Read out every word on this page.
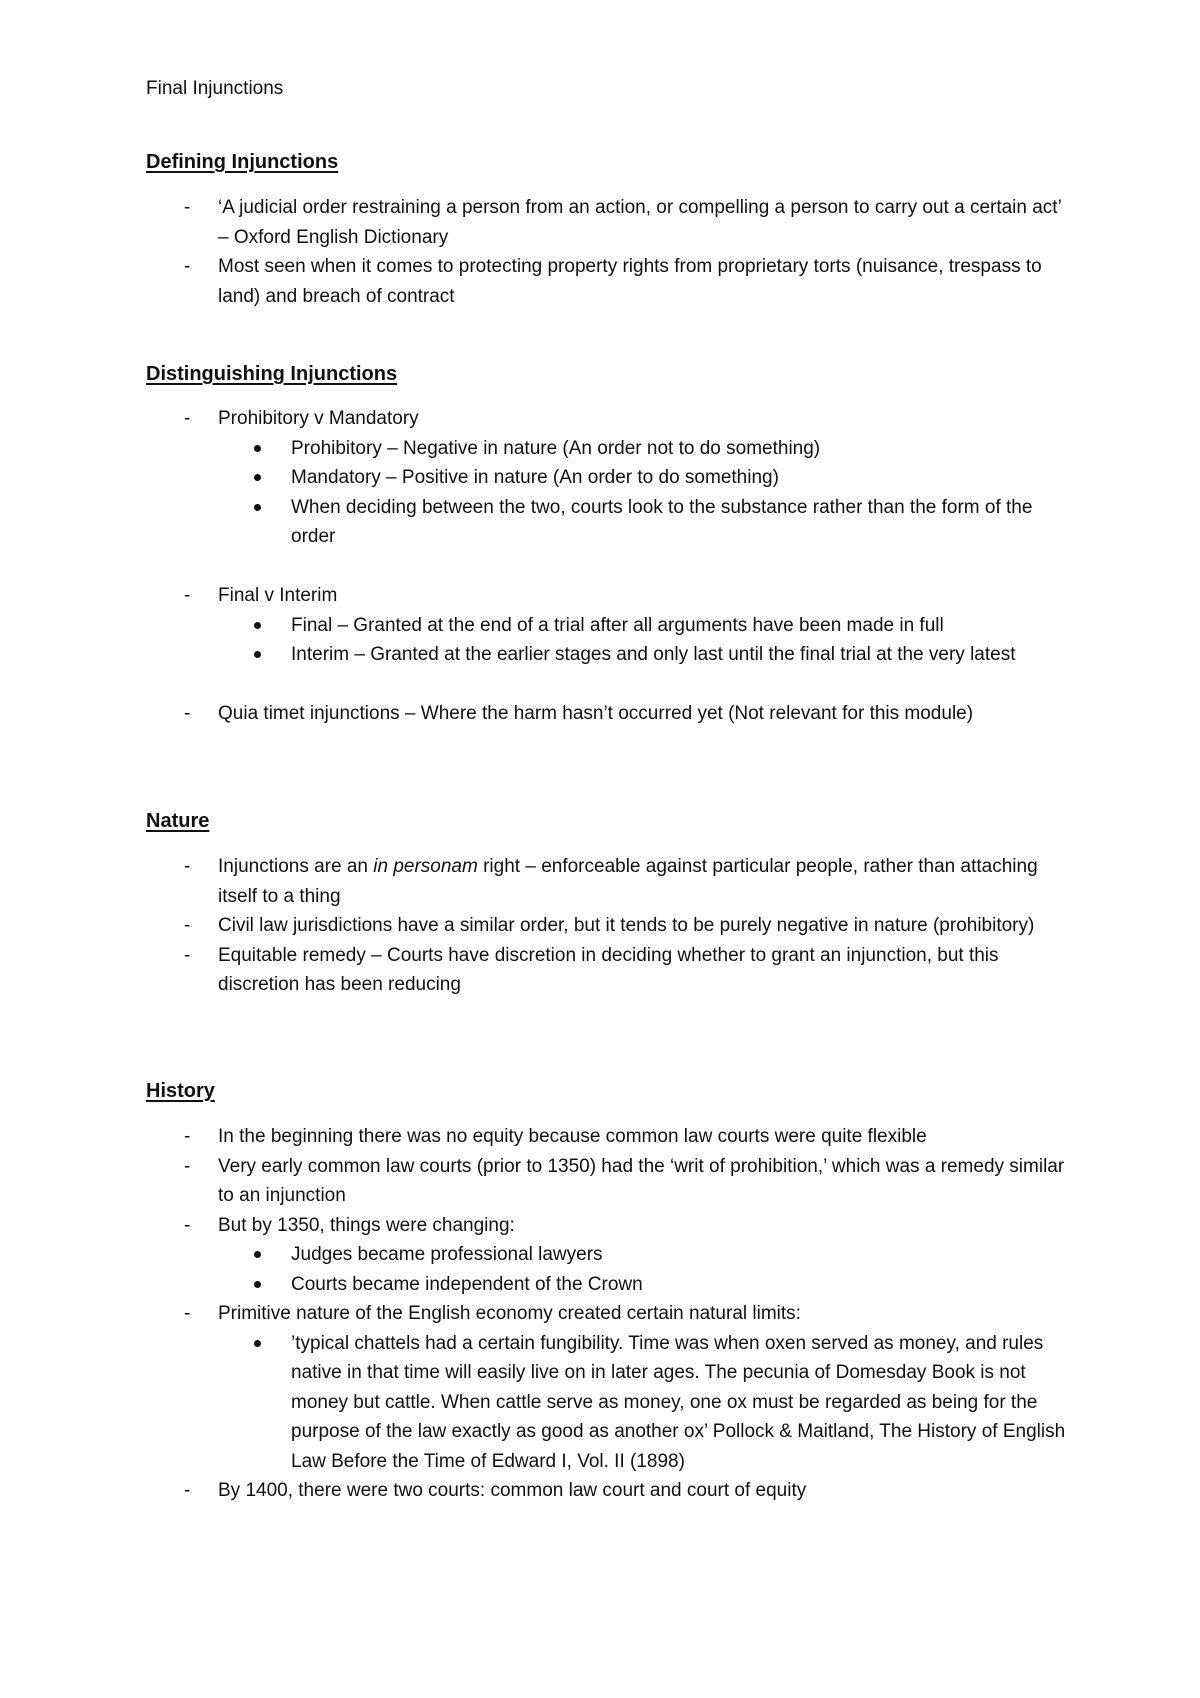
Final Injunctions
Defining Injunctions
- ‘A judicial order restraining a person from an action, or compelling a person to carry out a certain act’ – Oxford English Dictionary
- Most seen when it comes to protecting property rights from proprietary torts (nuisance, trespass to land) and breach of contract
Distinguishing Injunctions
- Prohibitory v Mandatory
Prohibitory – Negative in nature (An order not to do something)
Mandatory – Positive in nature (An order to do something)
When deciding between the two, courts look to the substance rather than the form of the order
- Final v Interim
Final – Granted at the end of a trial after all arguments have been made in full
Interim – Granted at the earlier stages and only last until the final trial at the very latest
- Quia timet injunctions – Where the harm hasn’t occurred yet (Not relevant for this module)
Nature
- Injunctions are an in personam right – enforceable against particular people, rather than attaching itself to a thing
- Civil law jurisdictions have a similar order, but it tends to be purely negative in nature (prohibitory)
- Equitable remedy – Courts have discretion in deciding whether to grant an injunction, but this discretion has been reducing
History
- In the beginning there was no equity because common law courts were quite flexible
- Very early common law courts (prior to 1350) had the ‘writ of prohibition,’ which was a remedy similar to an injunction
- But by 1350, things were changing:
Judges became professional lawyers
Courts became independent of the Crown
- Primitive nature of the English economy created certain natural limits:
’typical chattels had a certain fungibility. Time was when oxen served as money, and rules native in that time will easily live on in later ages. The pecunia of Domesday Book is not money but cattle. When cattle serve as money, one ox must be regarded as being for the purpose of the law exactly as good as another ox’ Pollock & Maitland, The History of English Law Before the Time of Edward I, Vol. II (1898)
- By 1400, there were two courts: common law court and court of equity
